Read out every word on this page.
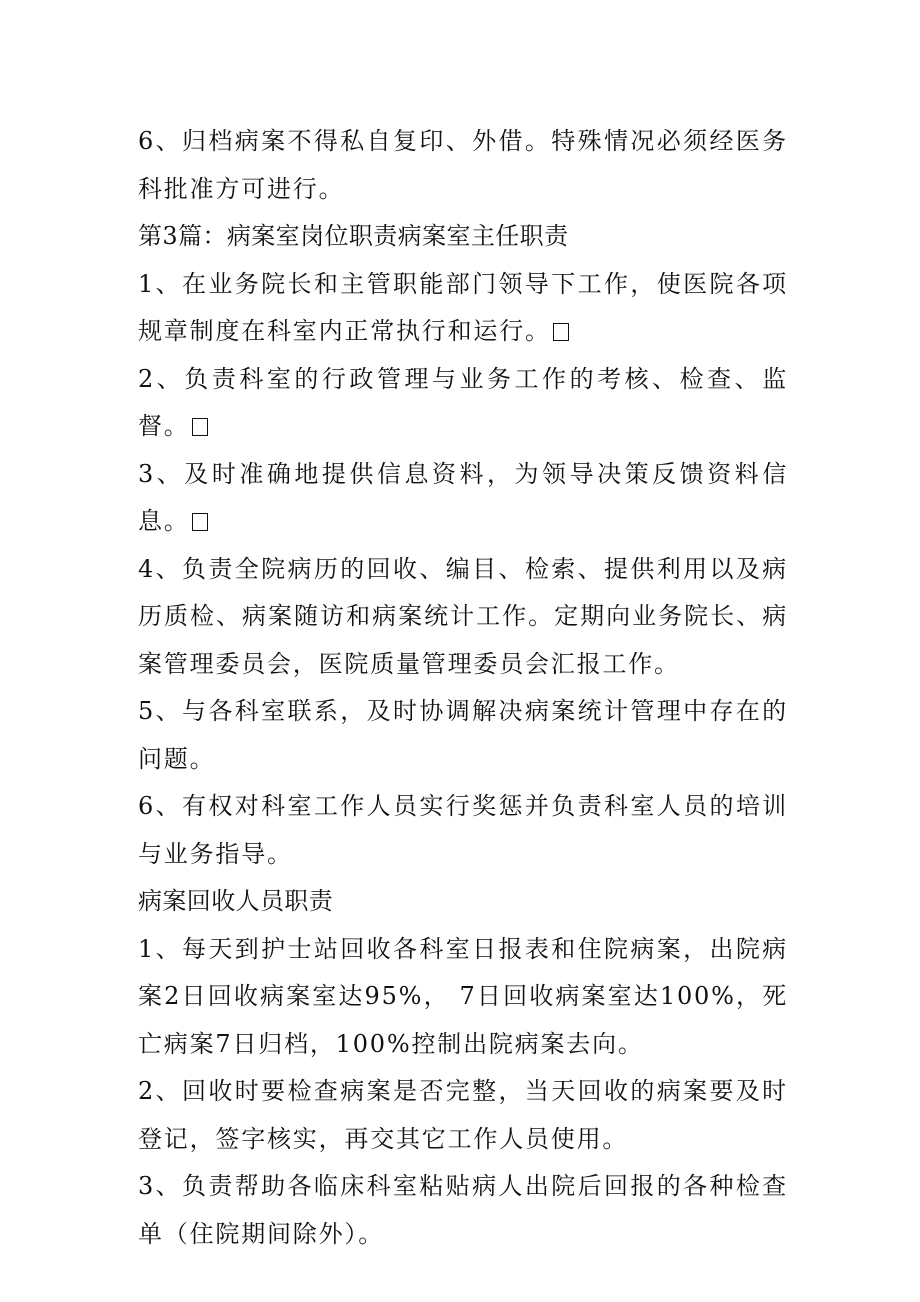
6、归档病案不得私自复印、外借。特殊情况必须经医务科批准方可进行。

第3篇：病案室岗位职责病案室主任职责

1、在业务院长和主管职能部门领导下工作，使医院各项规章制度在科室内正常执行和运行。

2、负责科室的行政管理与业务工作的考核、检查、监督。

3、及时准确地提供信息资料，为领导决策反馈资料信息。

4、负责全院病历的回收、编目、检索、提供利用以及病历质检、病案随访和病案统计工作。定期向业务院长、病案管理委员会，医院质量管理委员会汇报工作。

5、与各科室联系，及时协调解决病案统计管理中存在的问题。

6、有权对科室工作人员实行奖惩并负责科室人员的培训与业务指导。

病案回收人员职责

1、每天到护士站回收各科室日报表和住院病案，出院病案2日回收病案室达95%， 7日回收病案室达100%，死亡病案7日归档，100%控制出院病案去向。

2、回收时要检查病案是否完整，当天回收的病案要及时登记，签字核实，再交其它工作人员使用。

3、负责帮助各临床科室粘贴病人出院后回报的各种检查单（住院期间除外）。
